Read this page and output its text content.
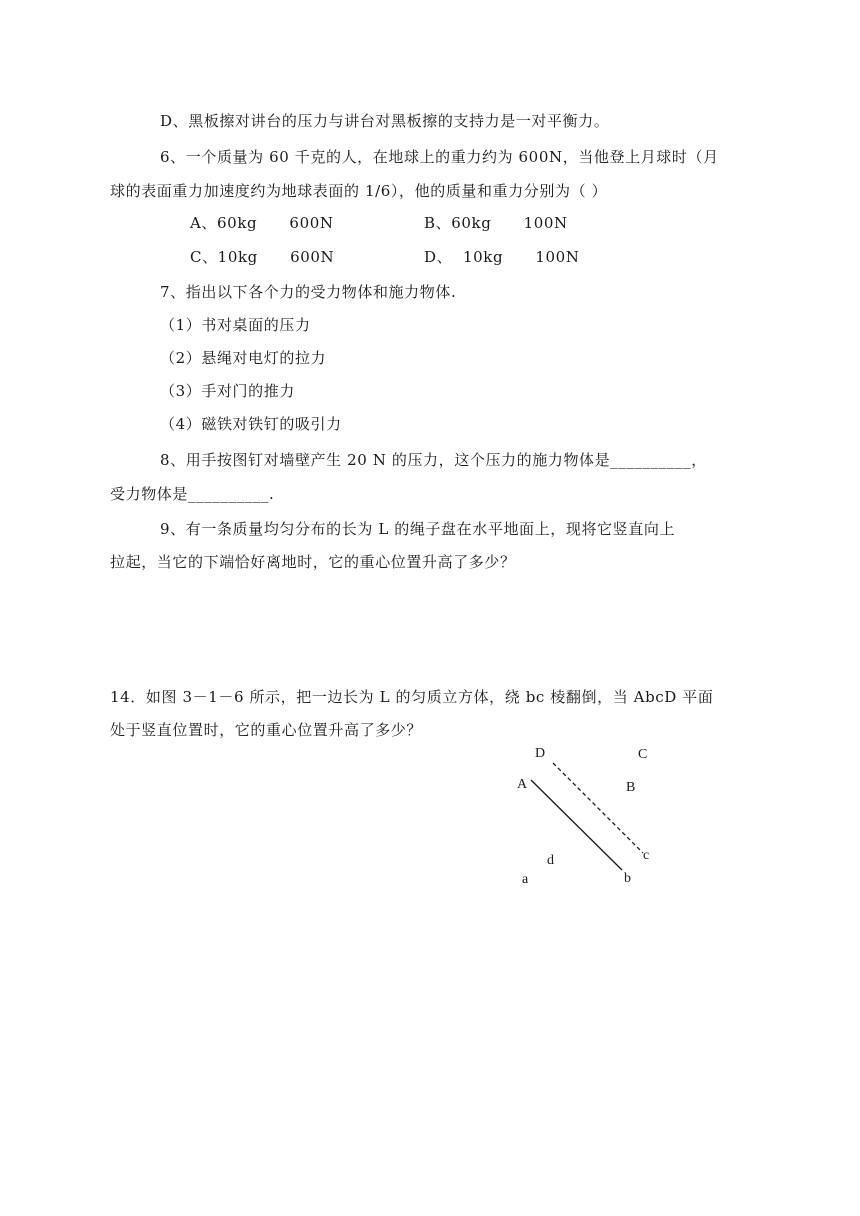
D、黑板擦对讲台的压力与讲台对黑板擦的支持力是一对平衡力。
6、一个质量为 60 千克的人，在地球上的重力约为 600N，当他登上月球时（月
球的表面重力加速度约为地球表面的 1/6），他的质量和重力分别为（ ）
A、60kg      600N	B、60kg      100N
C、10kg      600N	D、  10kg      100N
7、指出以下各个力的受力物体和施力物体.
（1）书对桌面的压力
（2）悬绳对电灯的拉力
（3）手对门的推力
（4）磁铁对铁钉的吸引力
8、用手按图钉对墙壁产生 20 N 的压力，这个压力的施力物体是__________，
受力物体是__________.
9、有一条质量均匀分布的长为 L 的绳子盘在水平地面上，现将它竖直向上
拉起，当它的下端恰好离地时，它的重心位置升高了多少？
14．如图 3－1－6 所示，把一边长为 L 的匀质立方体，绕 bc 棱翻倒，当 AbcD 平面
处于竖直位置时，它的重心位置升高了多少？
D	C
A	B
d	c
a	b
